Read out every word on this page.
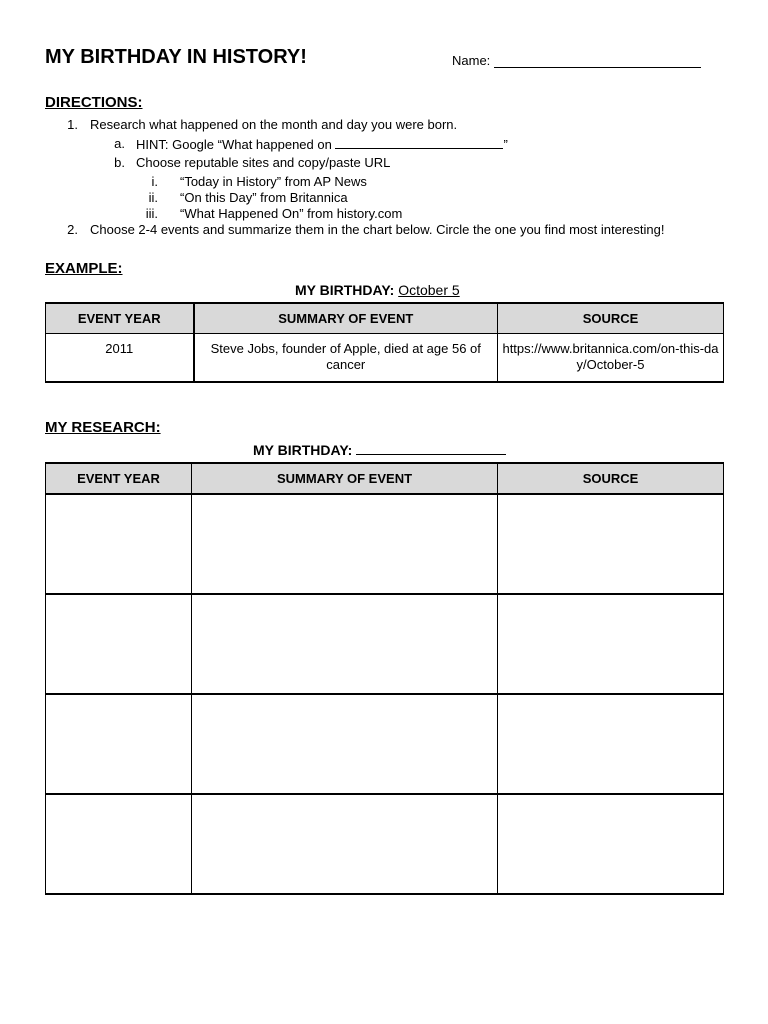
MY BIRTHDAY IN HISTORY!	Name:
DIRECTIONS:
1. Research what happened on the month and day you were born.
a. HINT: Google “What happened on	”
b. Choose reputable sites and copy/paste URL
i. “Today in History” from AP News
ii. “On this Day” from Britannica
iii. “What Happened On” from history.com
2. Choose 2-4 events and summarize them in the chart below. Circle the one you find most interesting!
EXAMPLE:
MY BIRTHDAY: October 5
EVENT YEAR	SUMMARY OF EVENT	SOURCE
2011	Steve Jobs, founder of Apple, died at age 56 of cancer	https://www.britannica.com/on-this-day/October-5
MY RESEARCH:
MY BIRTHDAY:
EVENT YEAR	SUMMARY OF EVENT	SOURCE
